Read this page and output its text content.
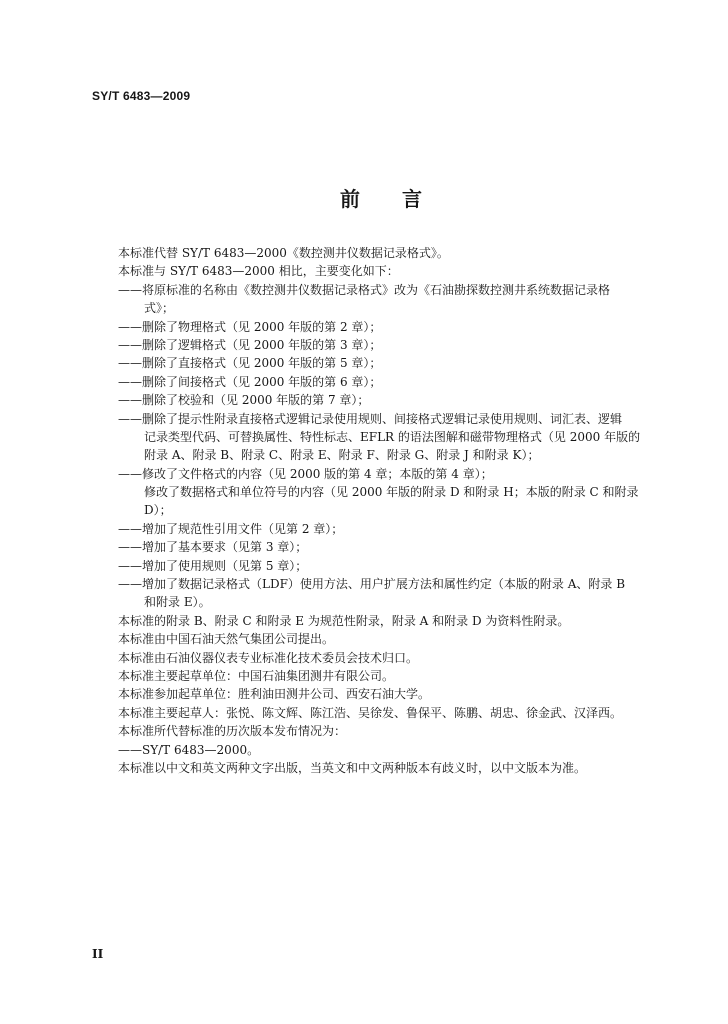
SY/T 6483—2009
前 言
本标准代替 SY/T 6483—2000《数控测井仪数据记录格式》。
本标准与 SY/T 6483—2000 相比，主要变化如下：
——将原标准的名称由《数控测井仪数据记录格式》改为《石油勘探数控测井系统数据记录格
式》；
——删除了物理格式（见 2000 年版的第 2 章）；
——删除了逻辑格式（见 2000 年版的第 3 章）；
——删除了直接格式（见 2000 年版的第 5 章）；
——删除了间接格式（见 2000 年版的第 6 章）；
——删除了校验和（见 2000 年版的第 7 章）；
——删除了提示性附录直接格式逻辑记录使用规则、间接格式逻辑记录使用规则、词汇表、逻辑
记录类型代码、可替换属性、特性标志、EFLR 的语法图解和磁带物理格式（见 2000 年版的
附录 A、附录 B、附录 C、附录 E、附录 F、附录 G、附录 J 和附录 K）；
——修改了文件格式的内容（见 2000 版的第 4 章；本版的第 4 章）；
修改了数据格式和单位符号的内容（见 2000 年版的附录 D 和附录 H；本版的附录 C 和附录
D）；
——增加了规范性引用文件（见第 2 章）；
——增加了基本要求（见第 3 章）；
——增加了使用规则（见第 5 章）；
——增加了数据记录格式（LDF）使用方法、用户扩展方法和属性约定（本版的附录 A、附录 B
和附录 E）。
本标准的附录 B、附录 C 和附录 E 为规范性附录，附录 A 和附录 D 为资料性附录。
本标准由中国石油天然气集团公司提出。
本标准由石油仪器仪表专业标准化技术委员会技术归口。
本标准主要起草单位：中国石油集团测井有限公司。
本标准参加起草单位：胜利油田测井公司、西安石油大学。
本标准主要起草人：张悦、陈文辉、陈江浩、吴徐发、鲁保平、陈鹏、胡忠、徐金武、汉泽西。
本标准所代替标准的历次版本发布情况为：
——SY/T 6483—2000。
本标准以中文和英文两种文字出版，当英文和中文两种版本有歧义时，以中文版本为准。
II
